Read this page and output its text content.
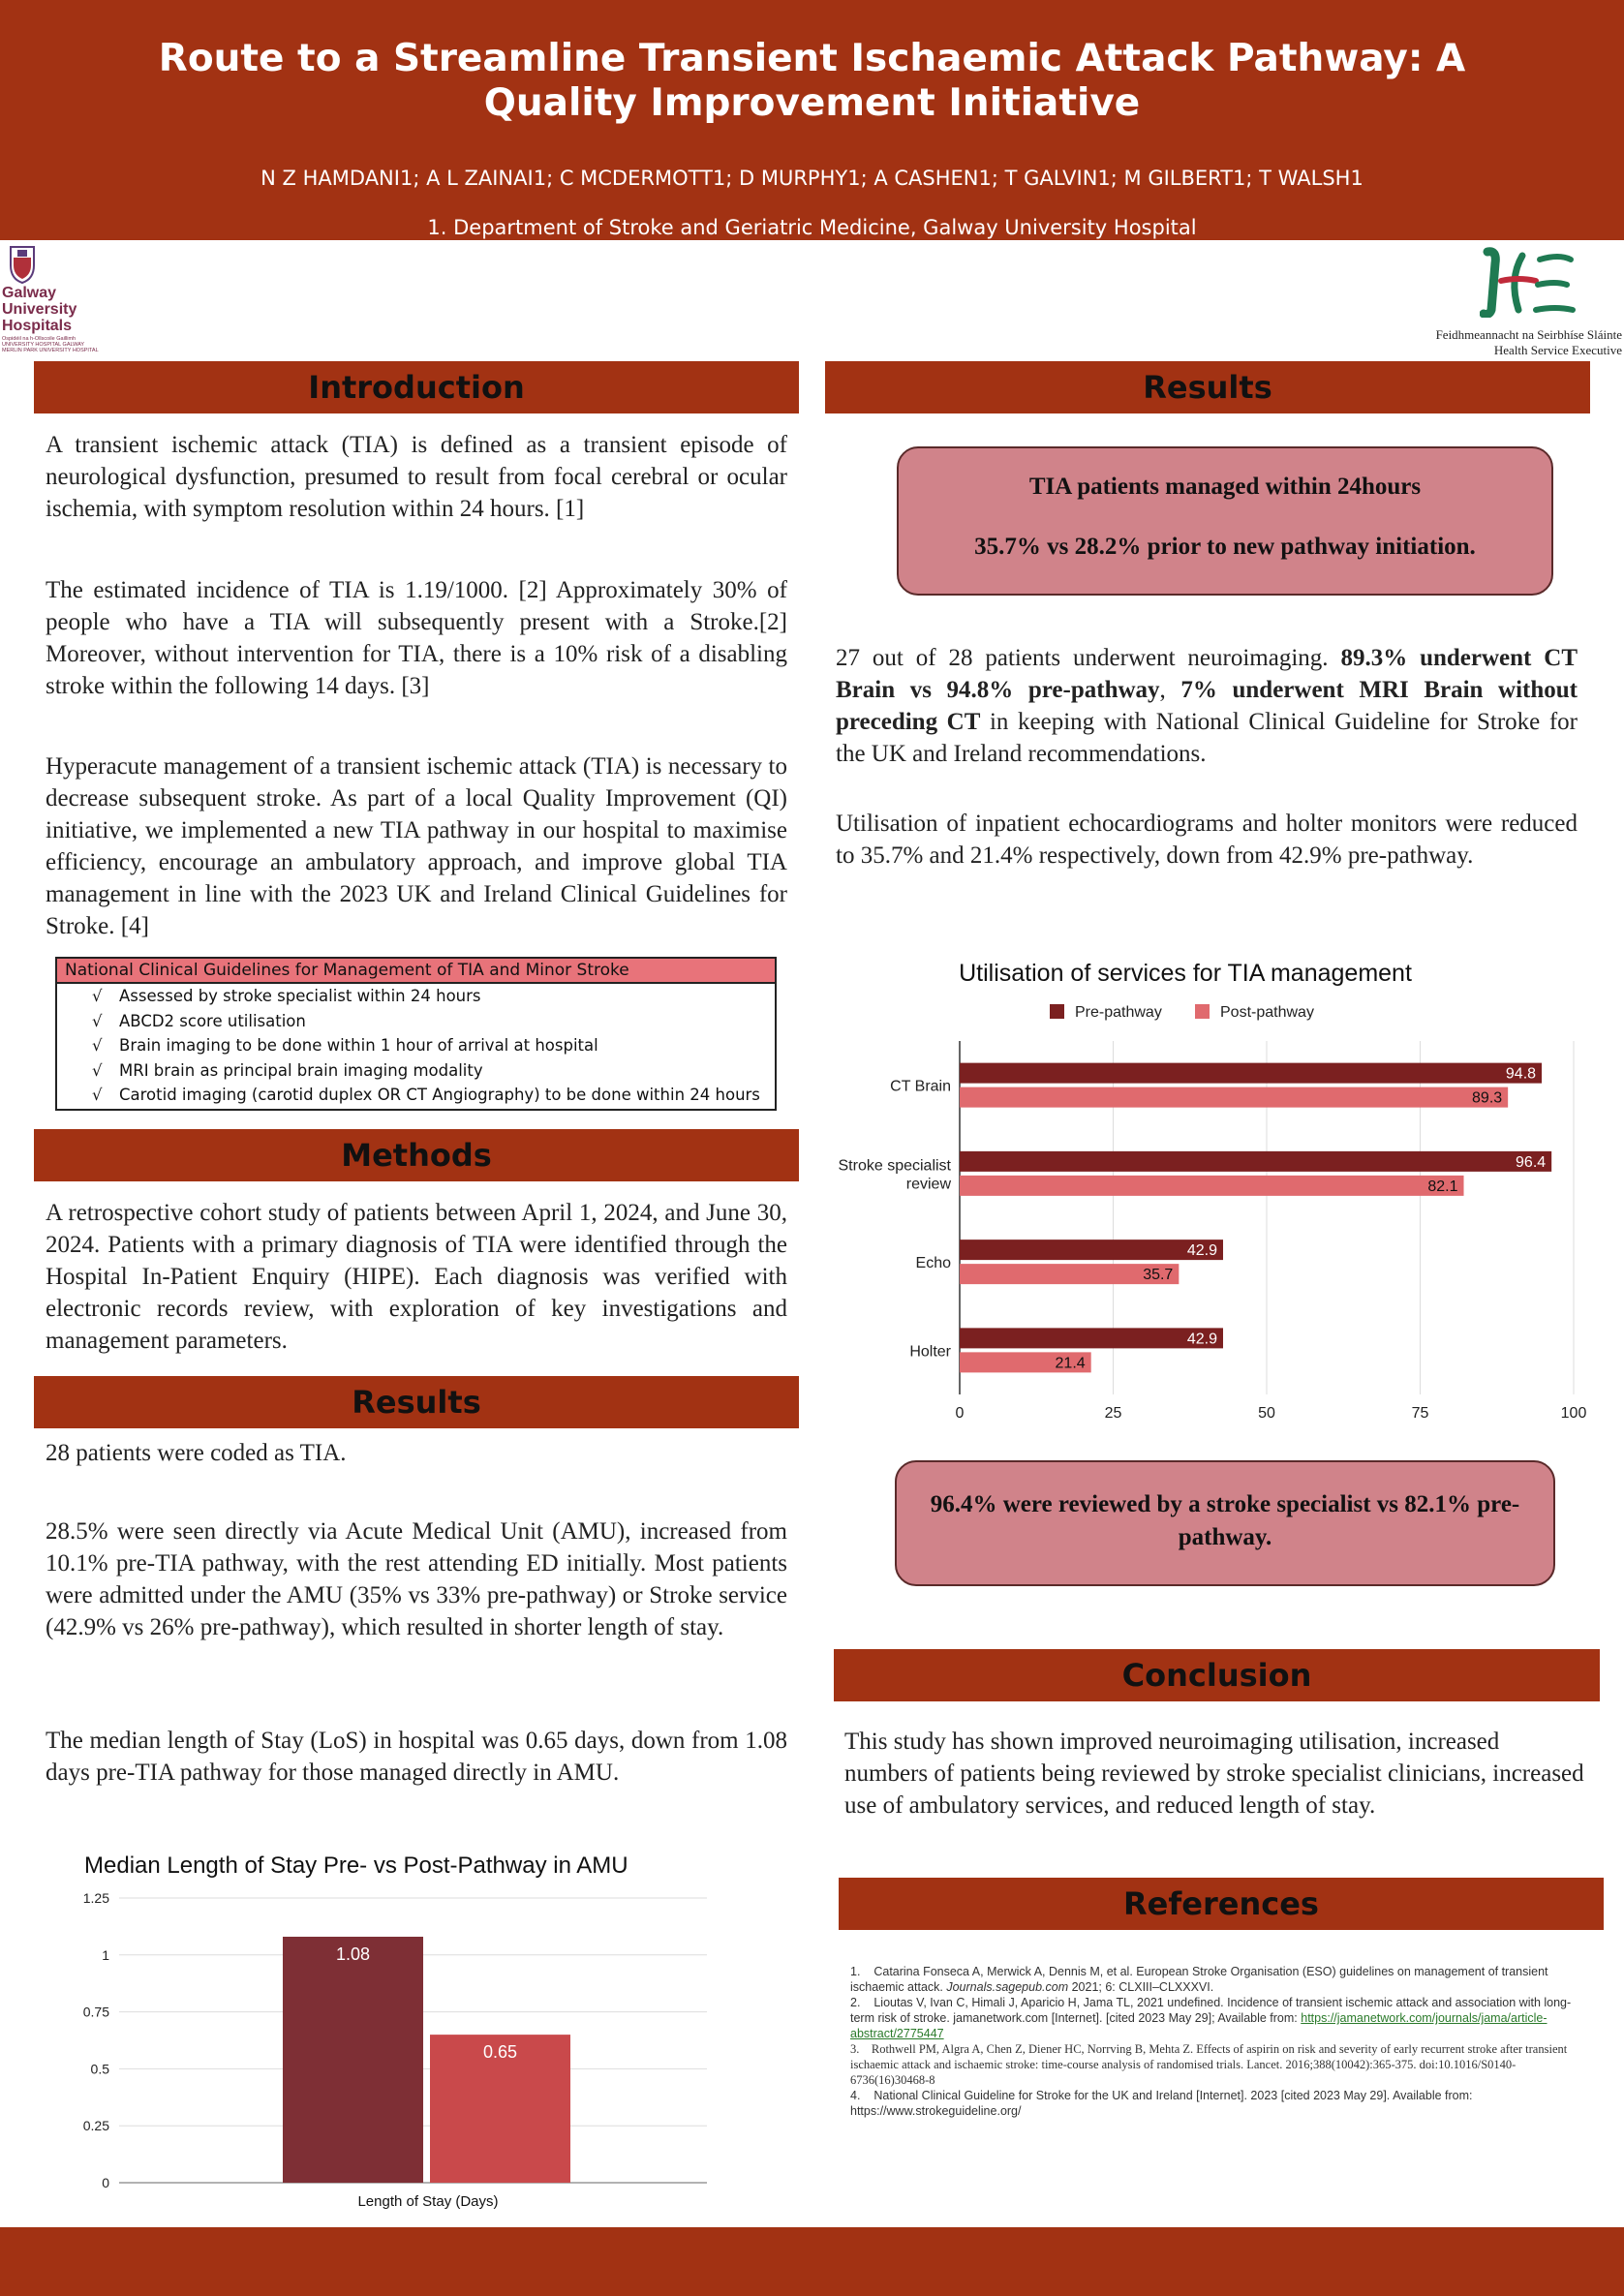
Route to a Streamline Transient Ischaemic Attack Pathway: A
Quality Improvement Initiative
N Z HAMDANI1; A L ZAINAI1; C MCDERMOTT1; D MURPHY1; A CASHEN1; T GALVIN1; M GILBERT1; T WALSH1
1. Department of Stroke and Geriatric Medicine, Galway University Hospital
Galway
University
Hospitals
Ospidéil na h-Ollscoile Gaillimh
UNIVERSITY HOSPITAL GALWAY
MERLIN PARK UNIVERSITY HOSPITAL
Feidhmeannacht na Seirbhíse Sláinte
Health Service Executive
Introduction
A transient ischemic attack (TIA) is defined as a transient episode of neurological dysfunction, presumed to result from focal cerebral or ocular ischemia, with symptom resolution within 24 hours. [1]
The estimated incidence of TIA is 1.19/1000. [2] Approximately 30% of people who have a TIA will subsequently present with a Stroke.[2] Moreover, without intervention for TIA, there is a 10% risk of a disabling stroke within the following 14 days. [3]
Hyperacute management of a transient ischemic attack (TIA) is necessary to decrease subsequent stroke. As part of a local Quality Improvement (QI) initiative, we implemented a new TIA pathway in our hospital to maximise efficiency, encourage an ambulatory approach, and improve global TIA management in line with the 2023 UK and Ireland Clinical Guidelines for Stroke. [4]
National Clinical Guidelines for Management of TIA and Minor Stroke
√ Assessed by stroke specialist within 24 hours
√ ABCD2 score utilisation
√ Brain imaging to be done within 1 hour of arrival at hospital
√ MRI brain as principal brain imaging modality
√ Carotid imaging (carotid duplex OR CT Angiography) to be done within 24 hours
Methods
A retrospective cohort study of patients between April 1, 2024, and June 30, 2024. Patients with a primary diagnosis of TIA were identified through the Hospital In-Patient Enquiry (HIPE). Each diagnosis was verified with electronic records review, with exploration of key investigations and management parameters.
Results
28 patients were coded as TIA.
28.5% were seen directly via Acute Medical Unit (AMU), increased from 10.1% pre-TIA pathway, with the rest attending ED initially. Most patients were admitted under the AMU (35% vs 33% pre-pathway) or Stroke service (42.9% vs 26% pre-pathway), which resulted in shorter length of stay.
The median length of Stay (LoS) in hospital was 0.65 days, down from 1.08 days pre-TIA pathway for those managed directly in AMU.
Median Length of Stay Pre- vs Post-Pathway in AMU
0
0.25
0.5
0.75
1
1.25
1.08
0.65
Length of Stay (Days)
Results
TIA patients managed within 24hours
35.7% vs 28.2% prior to new pathway initiation.
27 out of 28 patients underwent neuroimaging. 89.3% underwent CT Brain vs 94.8% pre-pathway, 7% underwent MRI Brain without preceding CT in keeping with National Clinical Guideline for Stroke for the UK and Ireland recommendations.
Utilisation of inpatient echocardiograms and holter monitors were reduced to 35.7% and 21.4% respectively, down from 42.9% pre-pathway.
Utilisation of services for TIA management
Pre-pathway	Post-pathway
CT Brain
Stroke specialist review
Echo
Holter
94.8
89.3
96.4
82.1
42.9
35.7
42.9
21.4
0	25	50	75	100
96.4% were reviewed by a stroke specialist vs 82.1% pre-pathway.
Conclusion
This study has shown improved neuroimaging utilisation, increased numbers of patients being reviewed by stroke specialist clinicians, increased use of ambulatory services, and reduced length of stay.
References
1. Catarina Fonseca A, Merwick A, Dennis M, et al. European Stroke Organisation (ESO) guidelines on management of transient ischaemic attack. Journals.sagepub.com 2021; 6: CLXIII–CLXXXVI.
2. Lioutas V, Ivan C, Himali J, Aparicio H, Jama TL, 2021 undefined. Incidence of transient ischemic attack and association with long-term risk of stroke. jamanetwork.com [Internet]. [cited 2023 May 29]; Available from: https://jamanetwork.com/journals/jama/article-abstract/2775447
3. Rothwell PM, Algra A, Chen Z, Diener HC, Norrving B, Mehta Z. Effects of aspirin on risk and severity of early recurrent stroke after transient ischaemic attack and ischaemic stroke: time-course analysis of randomised trials. Lancet. 2016;388(10042):365-375. doi:10.1016/S0140-6736(16)30468-8
4. National Clinical Guideline for Stroke for the UK and Ireland [Internet]. 2023 [cited 2023 May 29]. Available from: https://www.strokeguideline.org/
